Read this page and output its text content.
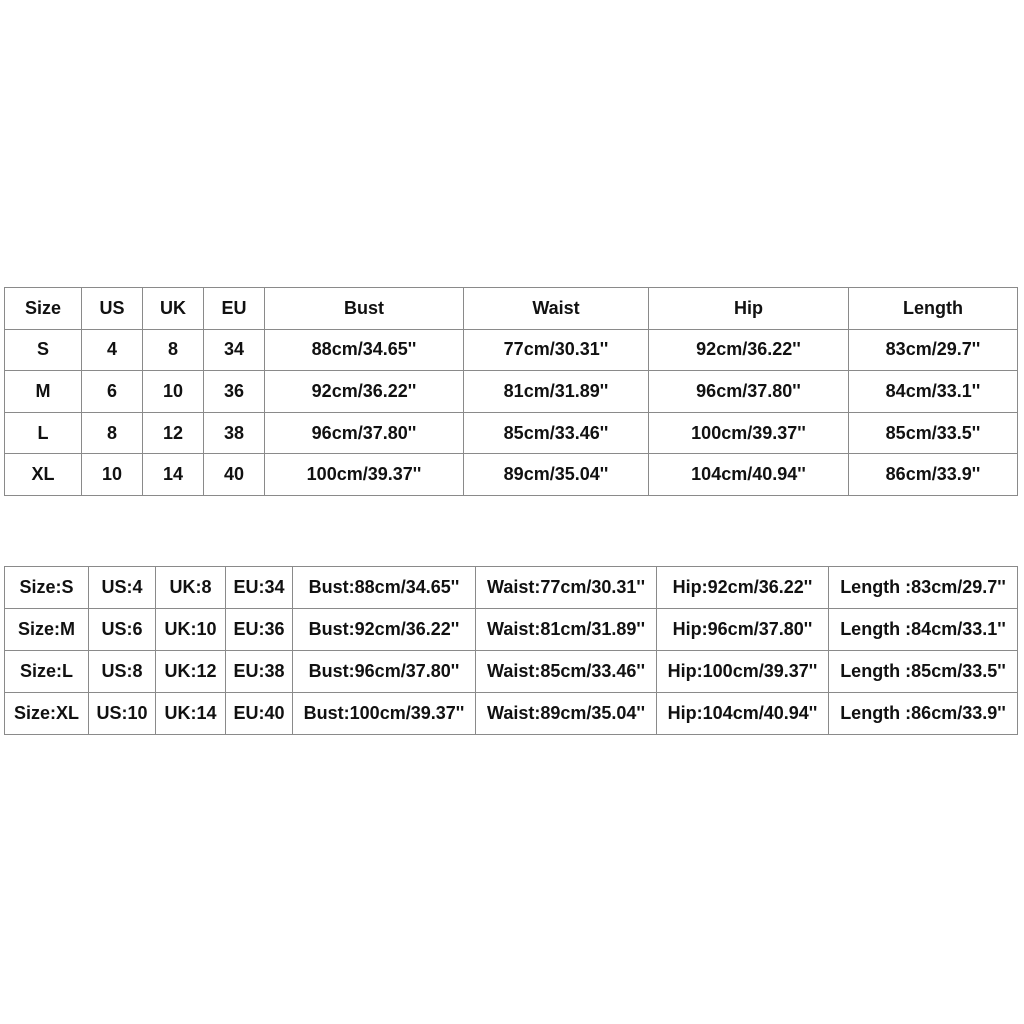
Size	US	UK	EU	Bust	Waist	Hip	Length
S	4	8	34	88cm/34.65''	77cm/30.31''	92cm/36.22''	83cm/29.7''
M	6	10	36	92cm/36.22''	81cm/31.89''	96cm/37.80''	84cm/33.1''
L	8	12	38	96cm/37.80''	85cm/33.46''	100cm/39.37''	85cm/33.5''
XL	10	14	40	100cm/39.37''	89cm/35.04''	104cm/40.94''	86cm/33.9''
Size:S	US:4	UK:8	EU:34	Bust:88cm/34.65''	Waist:77cm/30.31''	Hip:92cm/36.22''	Length :83cm/29.7''
Size:M	US:6	UK:10	EU:36	Bust:92cm/36.22''	Waist:81cm/31.89''	Hip:96cm/37.80''	Length :84cm/33.1''
Size:L	US:8	UK:12	EU:38	Bust:96cm/37.80''	Waist:85cm/33.46''	Hip:100cm/39.37''	Length :85cm/33.5''
Size:XL	US:10	UK:14	EU:40	Bust:100cm/39.37''	Waist:89cm/35.04''	Hip:104cm/40.94''	Length :86cm/33.9''
